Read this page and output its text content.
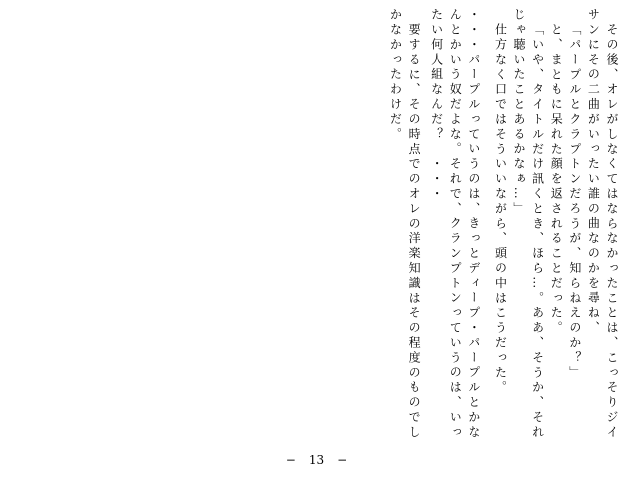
その後、オレがしなくてはならなかったことは、こっそりジイサンにその二曲がいったい誰の曲なのかを尋ね、

「パープルとクラプトンだろうが、知らねえのか？」

と、まともに呆れた顔を返されることだった。

「いや、タイトルだけ訊くとき、ほら…。ああ、そうか、それじゃ聴いたことあるかなぁ…」

仕方なく口ではそういいながら、頭の中はこうだった。

・・・パープルっていうのは、きっとディープ・パープルとかなんとかいう奴だよな。それで、クランプトンっていうのは、いったい何人組なんだ？　・・・

要するに、その時点でのオレの洋楽知識はその程度のものでしかなかったわけだ。

− 13 −
